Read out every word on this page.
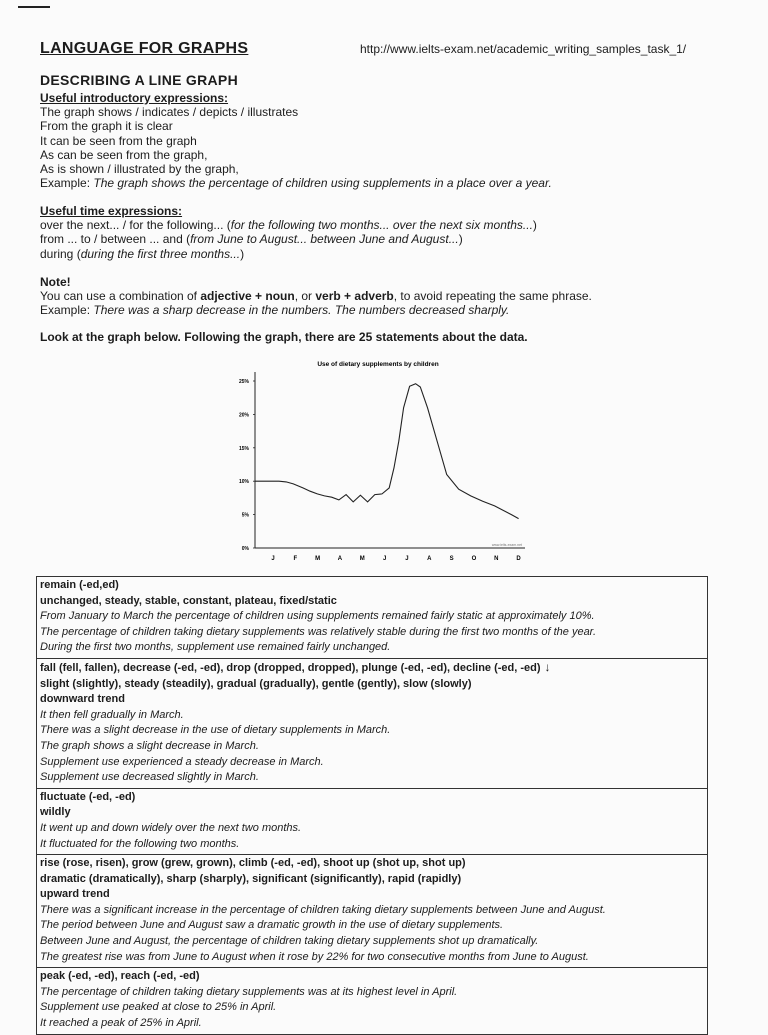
LANGUAGE FOR GRAPHS	http://www.ielts-exam.net/academic_writing_samples_task_1/
DESCRIBING A LINE GRAPH
Useful introductory expressions:
The graph shows / indicates / depicts / illustrates
From the graph it is clear
It can be seen from the graph
As can be seen from the graph,
As is shown / illustrated by the graph,
Example: The graph shows the percentage of children using supplements in a place over a year.
Useful time expressions:
over the next... / for the following... (for the following two months... over the next six months...)
from ... to / between ... and (from June to August... between June and August...)
during (during the first three months...)
Note!
You can use a combination of adjective + noun, or verb + adverb, to avoid repeating the same phrase.
Example: There was a sharp decrease in the numbers. The numbers decreased sharply.
Look at the graph below. Following the graph, there are 25 statements about the data.
Use of dietary supplements by children
0%
5%
10%
15%
20%
25%
J	F	M	A	M	J	J	A	S	O	N	D
www.ielts-exam.net
remain (-ed,ed)
unchanged, steady, stable, constant, plateau, fixed/static
From January to March the percentage of children using supplements remained fairly static at approximately 10%.
The percentage of children taking dietary supplements was relatively stable during the first two months of the year.
During the first two months, supplement use remained fairly unchanged.
fall (fell, fallen), decrease (-ed, -ed), drop (dropped, dropped), plunge (-ed, -ed), decline (-ed, -ed) ↓
slight (slightly), steady (steadily), gradual (gradually), gentle (gently), slow (slowly)
downward trend
It then fell gradually in March.
There was a slight decrease in the use of dietary supplements in March.
The graph shows a slight decrease in March.
Supplement use experienced a steady decrease in March.
Supplement use decreased slightly in March.
fluctuate (-ed, -ed)
wildly
It went up and down widely over the next two months.
It fluctuated for the following two months.
rise (rose, risen), grow (grew, grown), climb (-ed, -ed), shoot up (shot up, shot up)
dramatic (dramatically), sharp (sharply), significant (significantly), rapid (rapidly)
upward trend
There was a significant increase in the percentage of children taking dietary supplements between June and August.
The period between June and August saw a dramatic growth in the use of dietary supplements.
Between June and August, the percentage of children taking dietary supplements shot up dramatically.
The greatest rise was from June to August when it rose by 22% for two consecutive months from June to August.
peak (-ed, -ed), reach (-ed, -ed)
The percentage of children taking dietary supplements was at its highest level in April.
Supplement use peaked at close to 25% in April.
It reached a peak of 25% in April.
